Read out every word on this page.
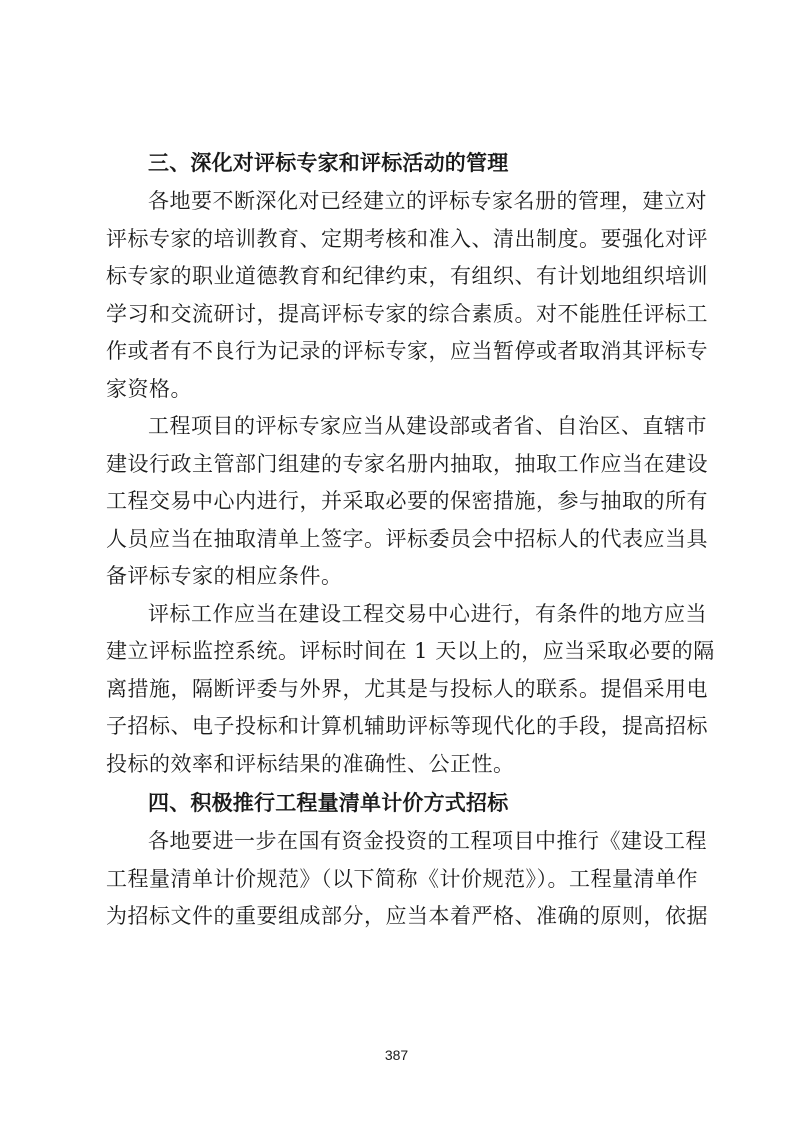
三、深化对评标专家和评标活动的管理
各地要不断深化对已经建立的评标专家名册的管理，建立对
评标专家的培训教育、定期考核和准入、清出制度。要强化对评
标专家的职业道德教育和纪律约束，有组织、有计划地组织培训
学习和交流研讨，提高评标专家的综合素质。对不能胜任评标工
作或者有不良行为记录的评标专家，应当暂停或者取消其评标专
家资格。
工程项目的评标专家应当从建设部或者省、自治区、直辖市
建设行政主管部门组建的专家名册内抽取，抽取工作应当在建设
工程交易中心内进行，并采取必要的保密措施，参与抽取的所有
人员应当在抽取清单上签字。评标委员会中招标人的代表应当具
备评标专家的相应条件。
评标工作应当在建设工程交易中心进行，有条件的地方应当
建立评标监控系统。评标时间在 1 天以上的，应当采取必要的隔
离措施，隔断评委与外界，尤其是与投标人的联系。提倡采用电
子招标、电子投标和计算机辅助评标等现代化的手段，提高招标
投标的效率和评标结果的准确性、公正性。
四、积极推行工程量清单计价方式招标
各地要进一步在国有资金投资的工程项目中推行《建设工程
工程量清单计价规范》（以下简称《计价规范》）。工程量清单作
为招标文件的重要组成部分，应当本着严格、准确的原则，依据
387
